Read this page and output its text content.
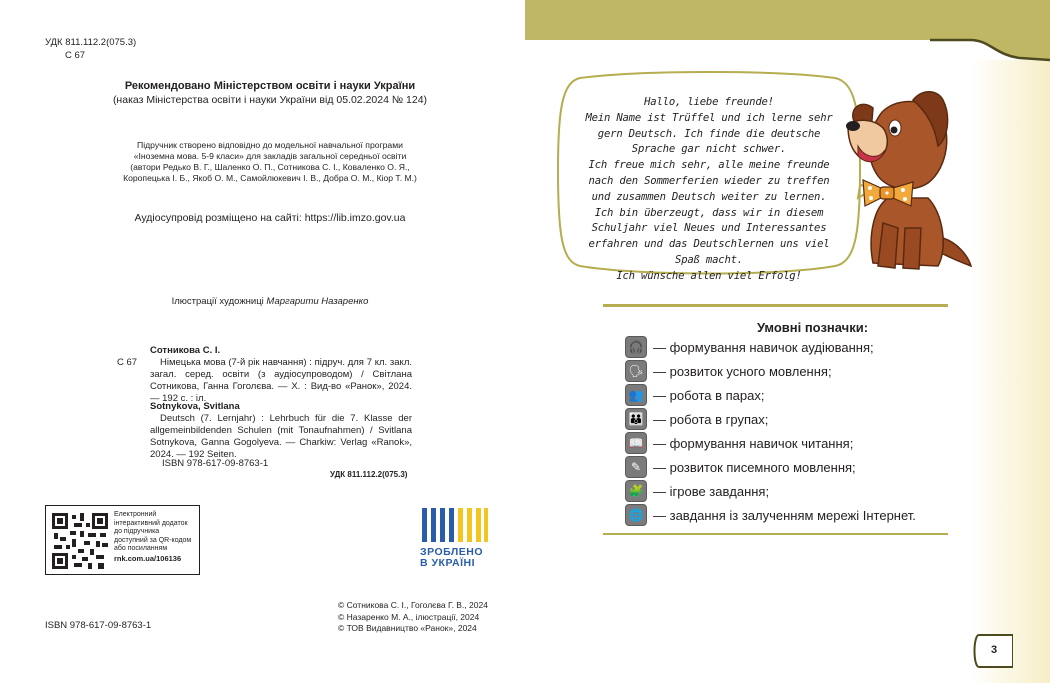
УДК 811.112.2(075.3)
С 67
Рекомендовано Міністерством освіти і науки України
(наказ Міністерства освіти і науки України від 05.02.2024 № 124)
Підручник створено відповідно до модельної навчальної програми
«Іноземна мова. 5-9 класи» для закладів загальної середньої освіти
(автори Редько В. Г., Шаленко О. П., Сотникова С. І., Коваленко О. Я.,
Коропецька І. Б., Якоб О. М., Самойлюкевич І. В., Добра О. М., Кіор Т. М.)
Аудіосупровід розміщено на сайті: https://lib.imzo.gov.ua
Ілюстрації художниці Маргарити Назаренко
С 67
Сотникова С. І.
Німецька мова (7-й рік навчання) : підруч. для 7 кл. закл. загал. серед. освіти (з аудіосупроводом) / Світлана Сотникова, Ганна Гоголєва. — Х. : Вид-во «Ранок», 2024. — 192 с. : іл.
Sotnykova, Svitlana
Deutsch (7. Lernjahr) : Lehrbuch für die 7. Klasse der allgemeinbildenden Schulen (mit Tonaufnahmen) / Svitlana Sotnykova, Ganna Gogolyeva. — Charkiw: Verlag «Ranok», 2024. — 192 Seiten.
ISBN 978-617-09-8763-1
УДК 811.112.2(075.3)
Електронний
інтерактивний додаток
до підручника
доступний за QR-кодом
або посиланням
rnk.com.ua/106136
ЗРОБЛЕНО
В УКРАЇНІ
ISBN 978-617-09-8763-1
© Сотникова С. І., Гоголєва Г. В., 2024
© Назаренко М. А., ілюстрації, 2024
© ТОВ Видавництво «Ранок», 2024
Hallo, liebe freunde!
Mein Name ist Trüffel und ich lerne sehr
gern Deutsch. Ich finde die deutsche
Sprache gar nicht schwer.
Ich freue mich sehr, alle meine freunde
nach den Sommerferien wieder zu treffen
und zusammen Deutsch weiter zu lernen.
Ich bin überzeugt, dass wir in diesem
Schuljahr viel Neues und Interessantes
erfahren und das Deutschlernen uns viel
Spaß macht.
Ich wünsche allen viel Erfolg!
Умовні позначки:
🎧 — формування навичок аудіювання;
🗣 — розвиток усного мовлення;
👥 — робота в парах;
👪 — робота в групах;
📖 — формування навичок читання;
✎ — розвиток писемного мовлення;
🧩 — ігрове завдання;
🌐 — завдання із залученням мережі Інтернет.
3
